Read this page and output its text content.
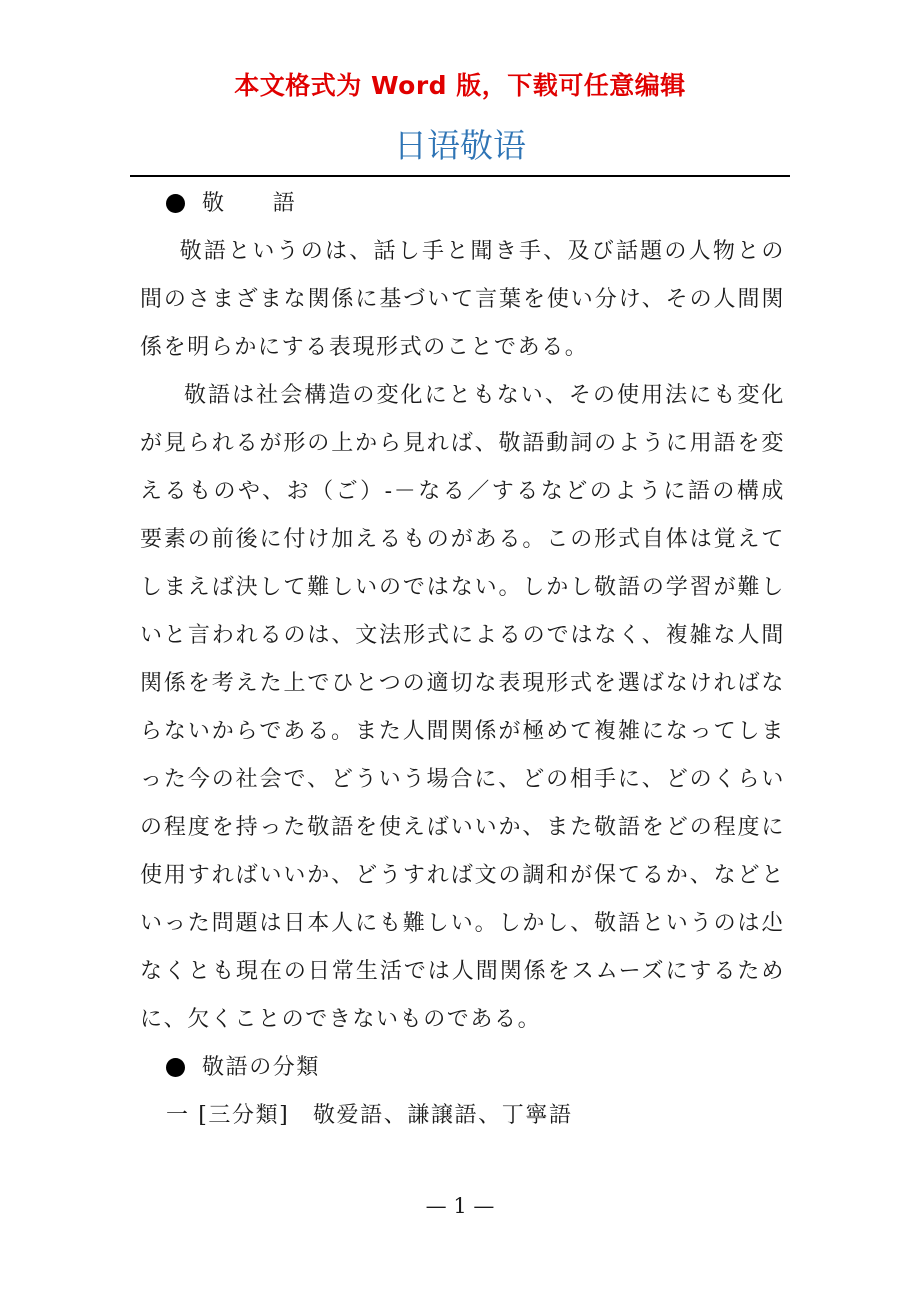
本文格式为 Word 版，下载可任意编辑
日语敬语
敬　　語

敬語というのは、話し手と聞き手、及び話題の人物との間のさまざまな関係に基づいて言葉を使い分け、その人間関係を明らかにする表現形式のことである。

敬語は社会構造の変化にともない、その使用法にも変化が見られるが形の上から見れば、敬語動詞のように用語を変えるものや、お（ご）-－なる／するなどのように語の構成要素の前後に付け加えるものがある。この形式自体は覚えてしまえば決して難しいのではない。しかし敬語の学習が難しいと言われるのは、文法形式によるのではなく、複雑な人間関係を考えた上でひとつの適切な表現形式を選ばなければならないからである。また人間関係が極めて複雑になってしまった今の社会で、どういう場合に、どの相手に、どのくらいの程度を持った敬語を使えばいいか、また敬語をどの程度に使用すればいいか、どうすれば文の調和が保てるか、などといった問題は日本人にも難しい。しかし、敬語というのは尐なくとも現在の日常生活では人間関係をスムーズにするために、欠くことのできないものである。

敬語の分類
一 [三分類]　敬爱語、謙譲語、丁寧語
— 1 —
